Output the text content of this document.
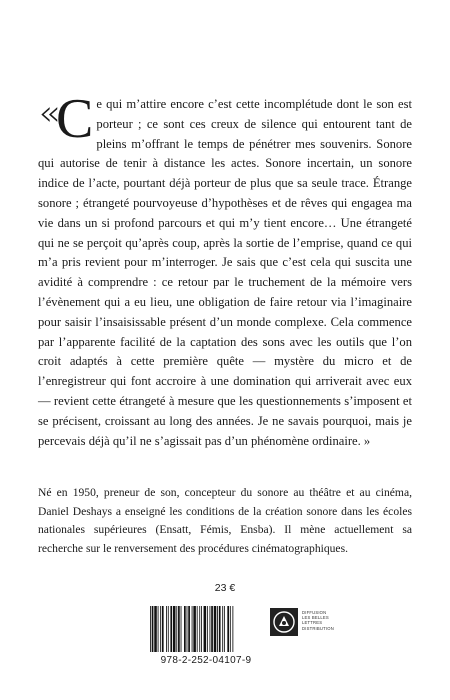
« C e qui m’attire encore c’est cette incomplétude dont le son est porteur ; ce sont ces creux de silence qui entourent tant de pleins m’offrant le temps de pénétrer mes souvenirs. Sonore qui autorise de tenir à distance les actes. Sonore incertain, un sonore indice de l’acte, pourtant déjà porteur de plus que sa seule trace. Étrange sonore ; étrangeté pourvoyeuse d’hypothèses et de rêves qui engagea ma vie dans un si profond parcours et qui m’y tient encore… Une étrangeté qui ne se perçoit qu’après coup, après la sortie de l’emprise, quand ce qui m’a pris revient pour m’interroger. Je sais que c’est cela qui suscita une avidité à comprendre : ce retour par le truchement de la mémoire vers l’évènement qui a eu lieu, une obligation de faire retour via l’imaginaire pour saisir l’insaisissable présent d’un monde complexe. Cela commence par l’apparente facilité de la captation des sons avec les outils que l’on croit adaptés à cette première quête — mystère du micro et de l’enregistreur qui font accroire à une domination qui arriverait avec eux — revient cette étrangeté à mesure que les questionnements s’imposent et se précisent, croissant au long des années. Je ne savais pourquoi, mais je percevais déjà qu’il ne s’agissait pas d’un phénomène ordinaire. »

Né en 1950, preneur de son, concepteur du sonore au théâtre et au cinéma, Daniel Deshays a enseigné les conditions de la création sonore dans les écoles nationales supérieures (Ensatt, Fémis, Ensba). Il mène actuellement sa recherche sur le renversement des procédures cinématographiques.

23 €
978-2-252-04107-9
DIFFUSION
LES BELLES LETTRES
DISTRIBUTION
